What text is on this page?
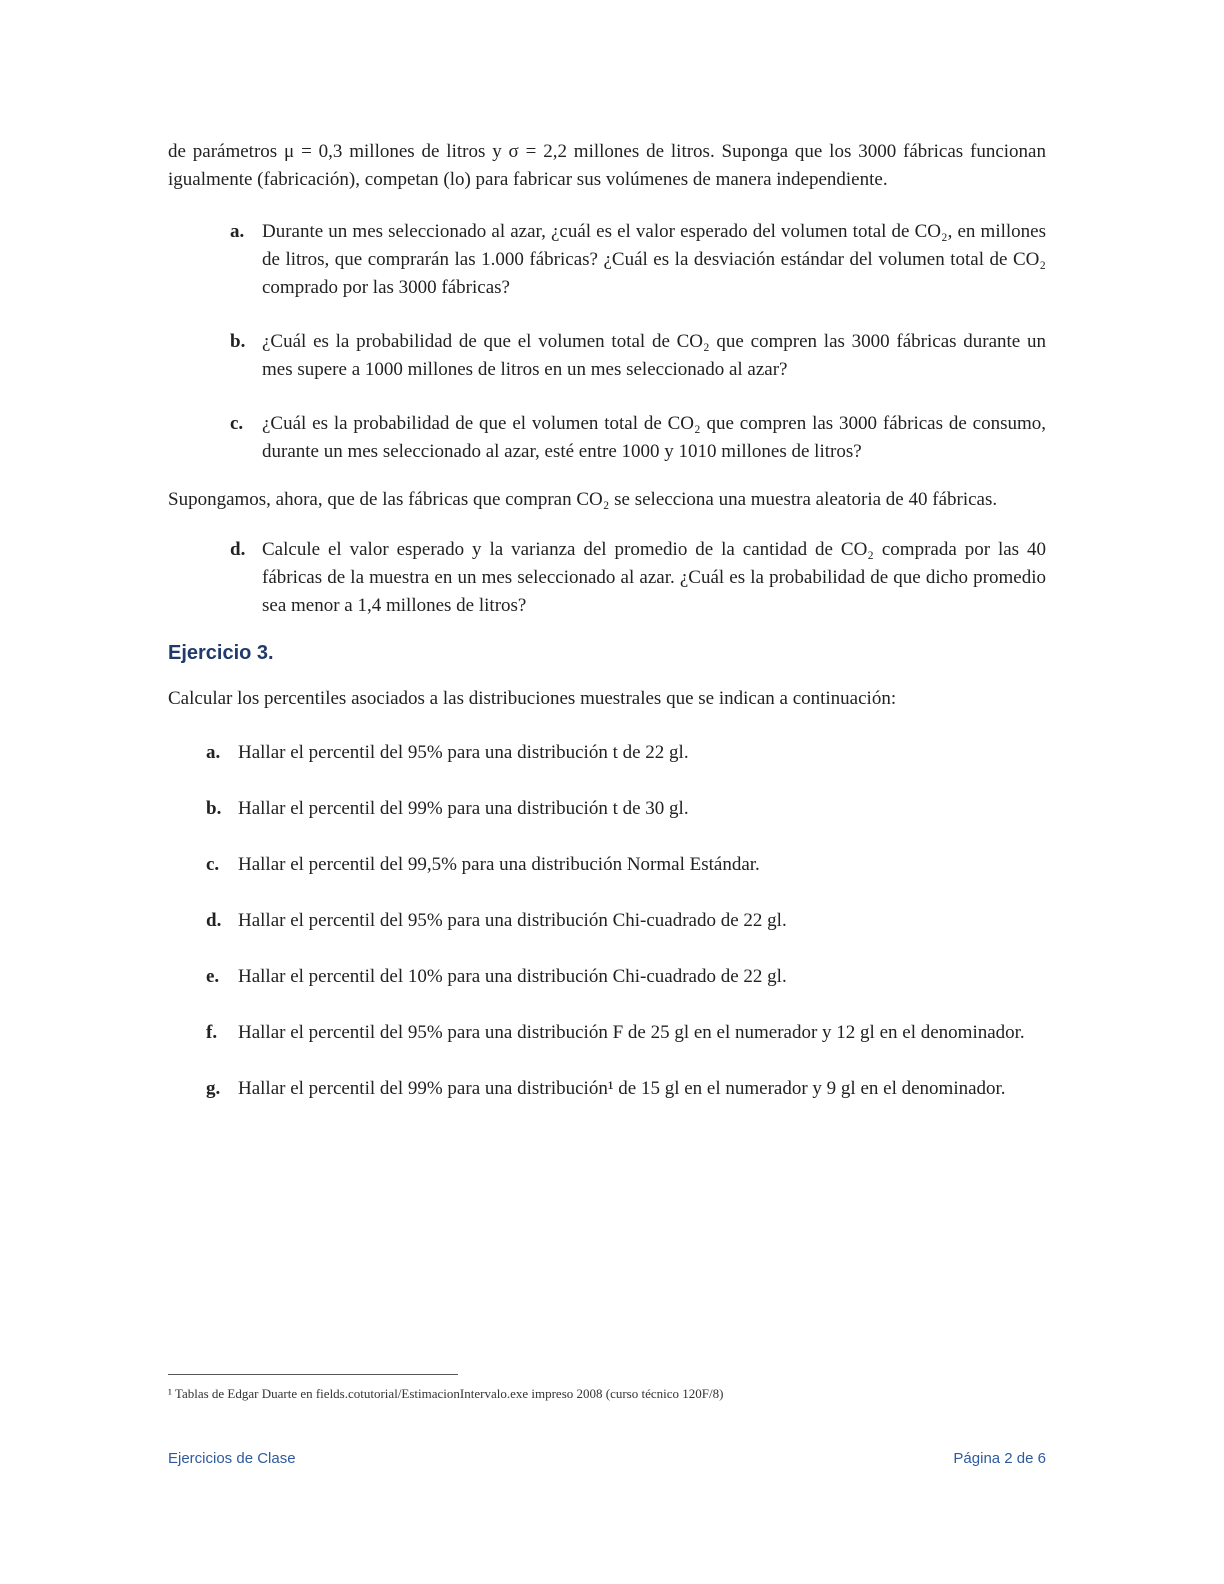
de parámetros μ = 0,3 millones de litros y σ = 2,2 millones de litros. Suponga que los 3000 fábricas funcionan igualmente (fabricación), competan (lo) para fabricar sus volúmenes de manera independiente.

a. Durante un mes seleccionado al azar, ¿cuál es el valor esperado del volumen total de CO₂, en millones de litros, que comprarán las 1.000 fábricas? ¿Cuál es la desviación estándar del volumen total de CO₂ comprado por las 3000 fábricas?
b. ¿Cuál es la probabilidad de que el volumen total de CO₂ que compren las 3000 fábricas durante un mes supere a 1000 millones de litros en un mes seleccionado al azar?
c. ¿Cuál es la probabilidad de que el volumen total de CO₂ que compren las 3000 fábricas de consumo, durante un mes seleccionado al azar, esté entre 1000 y 1010 millones de litros?

Supongamos, ahora, que de las fábricas que compran CO₂ se selecciona una muestra aleatoria de 40 fábricas.

d. Calcule el valor esperado y la varianza del promedio de la cantidad de CO₂ comprada por las 40 fábricas de la muestra en un mes seleccionado al azar. ¿Cuál es la probabilidad de que dicho promedio sea menor a 1,4 millones de litros?
Ejercicio 3.

Calcular los percentiles asociados a las distribuciones muestrales que se indican a continuación:

a. Hallar el percentil del 95% para una distribución t de 22 gl.
b. Hallar el percentil del 99% para una distribución t de 30 gl.
c. Hallar el percentil del 99,5% para una distribución Normal Estándar.
d. Hallar el percentil del 95% para una distribución Chi-cuadrado de 22 gl.
e. Hallar el percentil del 10% para una distribución Chi-cuadrado de 22 gl.
f.	Hallar el percentil del 95% para una distribución F de 25 gl en el numerador y 12 gl en el denominador.
g. Hallar el percentil del 99% para una distribución¹ de 15 gl en el numerador y 9 gl en el denominador.
¹ Tablas de Edgar Duarte en fields.cotutorial/EstimacionIntervalo.exe impreso 2008 (curso técnico 120F/8)
Ejercicios de Clase	Página 2 de 6
